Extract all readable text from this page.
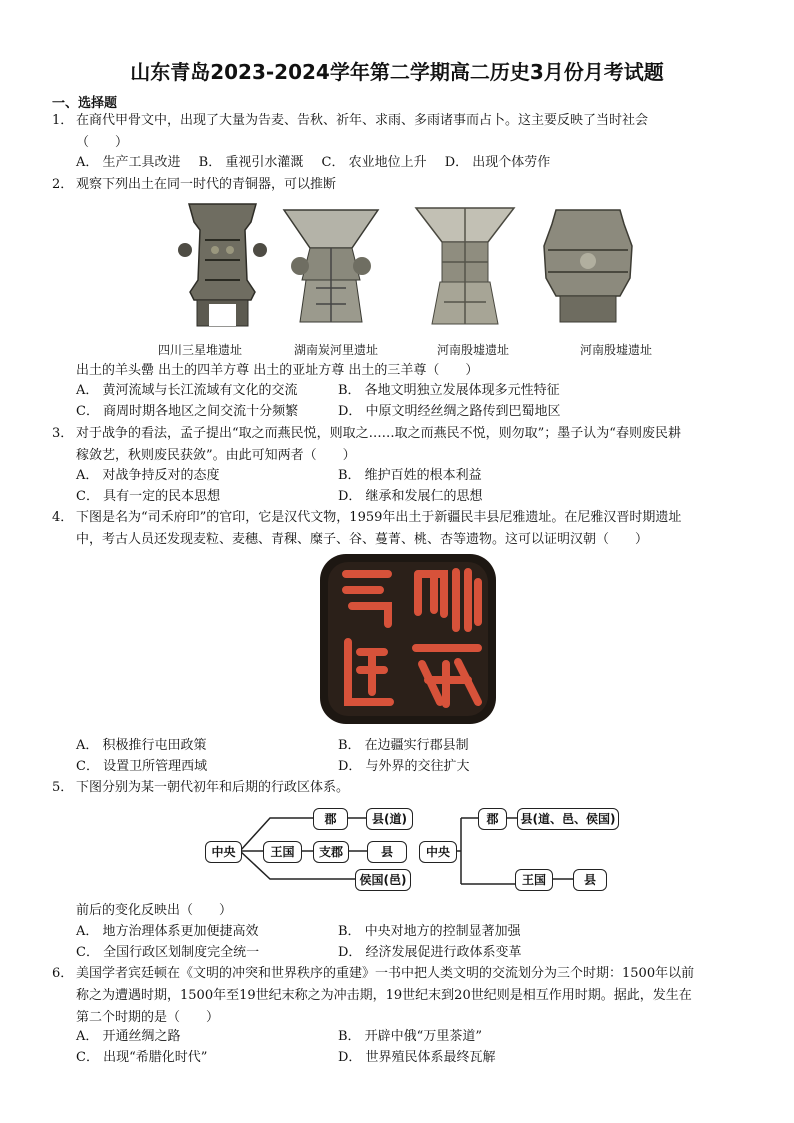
山东青岛2023-2024学年第二学期高二历史3月份月考试题
一、选择题
1． 在商代甲骨文中，出现了大量为告麦、告秋、祈年、求雨、多雨诸事而占卜。这主要反映了当时社会
（　　）
A． 生产工具改进 B． 重视引水灌溉 C． 农业地位上升 D． 出现个体劳作
2． 观察下列出土在同一时代的青铜器，可以推断
四川三星堆遗址	湖南炭河里遗址	河南殷墟遗址	河南殷墟遗址
出土的羊头罍 出土的四羊方尊 出土的亚址方尊 出土的三羊尊（　　）
A． 黄河流域与长江流域有文化的交流	B． 各地文明独立发展体现多元性特征
C． 商周时期各地区之间交流十分频繁	D． 中原文明经丝绸之路传到巴蜀地区
3． 对于战争的看法，孟子提出“取之而燕民悦，则取之……取之而燕民不悦，则勿取”；墨子认为“春则废民耕
稼敛艺，秋则废民获敛”。由此可知两者（　　）
A． 对战争持反对的态度	B． 维护百姓的根本利益
C． 具有一定的民本思想	D． 继承和发展仁的思想
4． 下图是名为“司禾府印”的官印，它是汉代文物，1959年出土于新疆民丰县尼雅遗址。在尼雅汉晋时期遗址
中，考古人员还发现麦粒、麦穗、青稞、糜子、谷、蔓菁、桃、杏等遗物。这可以证明汉朝（　　）
A． 积极推行屯田政策	B． 在边疆实行郡县制
C． 设置卫所管理西域	D． 与外界的交往扩大
5． 下图分别为某一朝代初年和后期的行政区体系。
中央
郡	县(道)
王国	支郡	县
侯国(邑)
中央
郡	县(道、邑、侯国)
王国	县
前后的变化反映出（　　）
A． 地方治理体系更加便捷高效	B． 中央对地方的控制显著加强
C． 全国行政区划制度完全统一	D． 经济发展促进行政体系变革
6． 美国学者宾廷顿在《文明的冲突和世界秩序的重建》一书中把人类文明的交流划分为三个时期：1500年以前
称之为遭遇时期，1500年至19世纪末称之为冲击期，19世纪末到20世纪则是相互作用时期。据此，发生在
第二个时期的是（　　）
A． 开通丝绸之路	B． 开辟中俄“万里茶道”
C． 出现“希腊化时代”	D． 世界殖民体系最终瓦解
